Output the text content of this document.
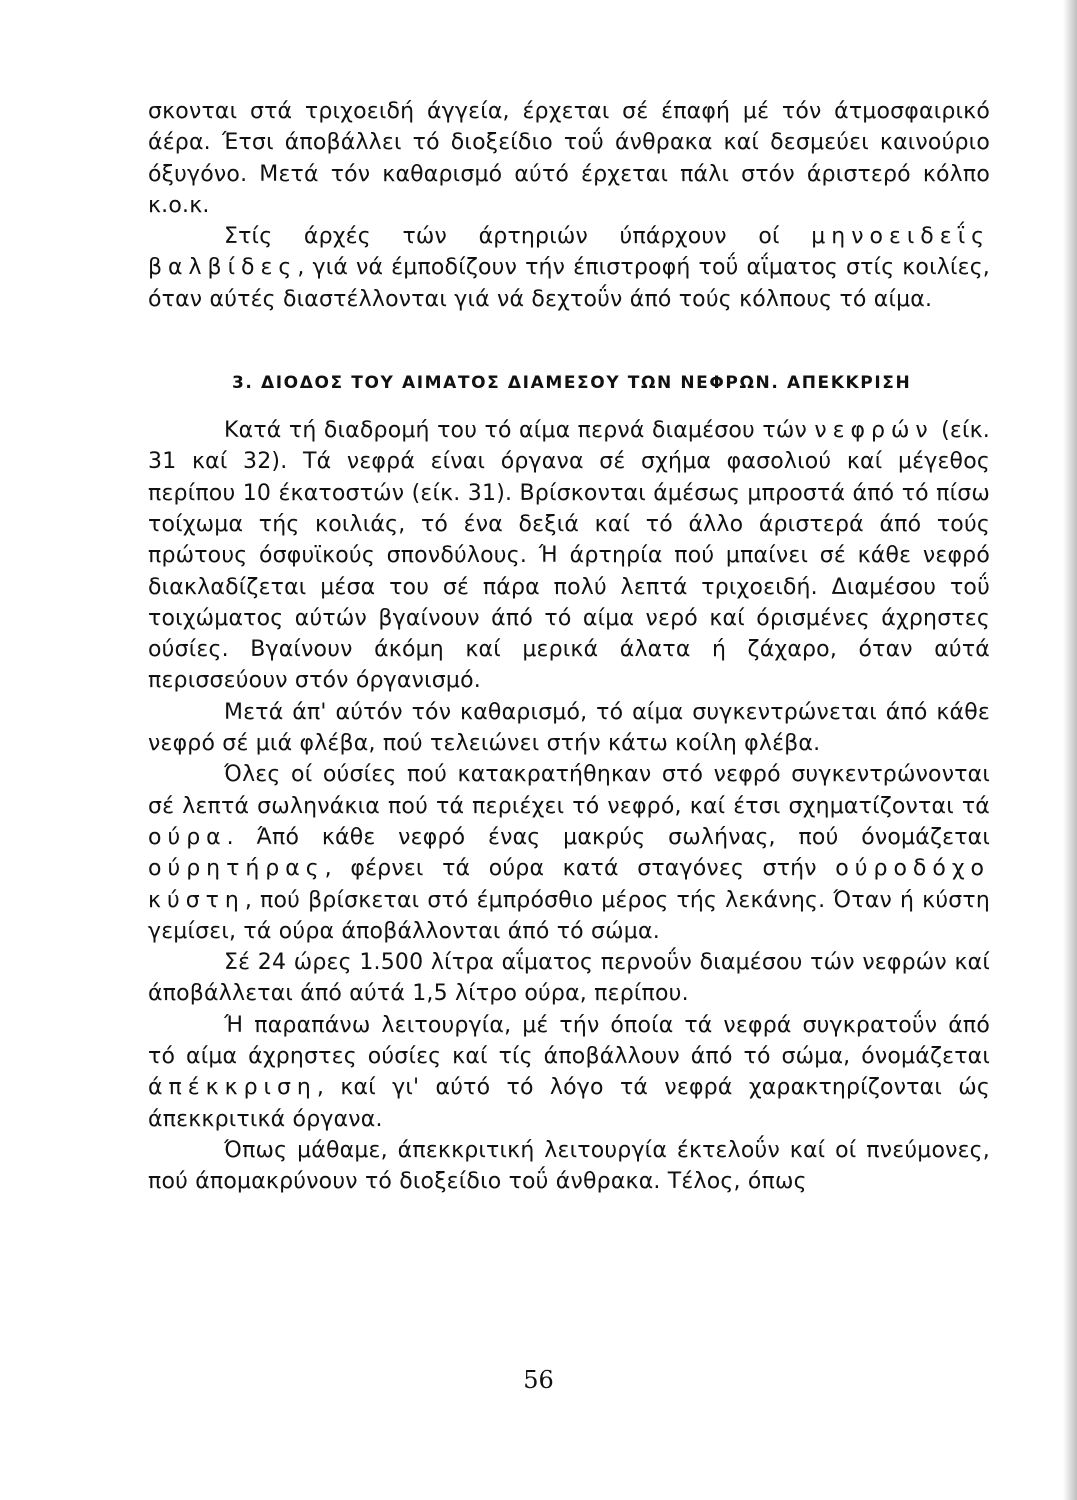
σκονται στά τριχοειδή άγγεία, έρχεται σέ έπαφή μέ τόν άτμοσφαιρικό άέρα. Έτσι άποβάλλει τό διοξείδιο τοΰ άνθρακα καί δεσμεύει καινούριο όξυγόνο. Μετά τόν καθαρισμό αύτό έρχεται πάλι στόν άριστερό κόλπο κ.ο.κ.

Στίς άρχές τών άρτηριών ύπάρχουν οί μηνοειδεΐς βαλβίδες, γιά νά έμποδίζουν τήν έπιστροφή τοΰ αΐματος στίς κοιλίες, όταν αύτές διαστέλλονται γιά νά δεχτοΰν άπό τούς κόλπους τό αίμα.

3. ΔΙΟΔΟΣ ΤΟΥ ΑΙΜΑΤΟΣ ΔΙΑΜΕΣΟΥ ΤΩΝ ΝΕΦΡΩΝ. ΑΠΕΚΚΡΙΣΗ

Κατά τή διαδρομή του τό αίμα περνά διαμέσου τών νεφρών (είκ. 31 καί 32). Τά νεφρά είναι όργανα σέ σχήμα φασολιού καί μέγεθος περίπου 10 έκατοστών (είκ. 31). Βρίσκονται άμέσως μπροστά άπό τό πίσω τοίχωμα τής κοιλιάς, τό ένα δεξιά καί τό άλλο άριστερά άπό τούς πρώτους όσφυϊκούς σπονδύλους. Ή άρτηρία πού μπαίνει σέ κάθε νεφρό διακλαδίζεται μέσα του σέ πάρα πολύ λεπτά τριχοειδή. Διαμέσου τοΰ τοιχώματος αύτών βγαίνουν άπό τό αίμα νερό καί όρισμένες άχρηστες ούσίες. Βγαίνουν άκόμη καί μερικά άλατα ή ζάχαρο, όταν αύτά περισσεύουν στόν όργανισμό.

Μετά άπ' αύτόν τόν καθαρισμό, τό αίμα συγκεντρώνεται άπό κάθε νεφρό σέ μιά φλέβα, πού τελειώνει στήν κάτω κοίλη φλέβα.

Όλες οί ούσίες πού κατακρατήθηκαν στό νεφρό συγκεντρώνονται σέ λεπτά σωληνάκια πού τά περιέχει τό νεφρό, καί έτσι σχηματίζονται τά ούρα. Άπό κάθε νεφρό ένας μακρύς σωλήνας, πού όνομάζεται ούρητήρας, φέρνει τά ούρα κατά σταγόνες στήν ούροδόχο κύστη, πού βρίσκεται στό έμπρόσθιο μέρος τής λεκάνης. Όταν ή κύστη γεμίσει, τά ούρα άποβάλλονται άπό τό σώμα.

Σέ 24 ώρες 1.500 λίτρα αΐματος περνοΰν διαμέσου τών νεφρών καί άποβάλλεται άπό αύτά 1,5 λίτρο ούρα, περίπου.

Ή παραπάνω λειτουργία, μέ τήν όποία τά νεφρά συγκρατοΰν άπό τό αίμα άχρηστες ούσίες καί τίς άποβάλλουν άπό τό σώμα, όνομάζεται άπέκκριση, καί γι' αύτό τό λόγο τά νεφρά χαρακτηρίζονται ώς άπεκκριτικά όργανα.

Όπως μάθαμε, άπεκκριτική λειτουργία έκτελοΰν καί οί πνεύμονες, πού άπομακρύνουν τό διοξείδιο τοΰ άνθρακα. Τέλος, όπως

56
